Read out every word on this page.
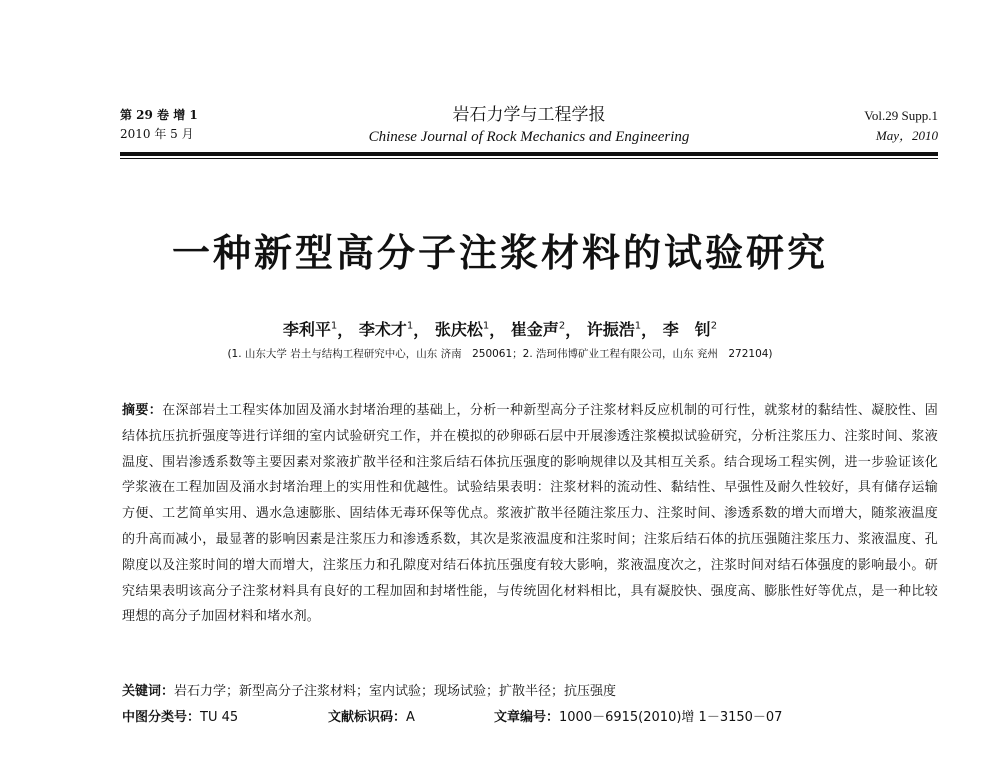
第 29 卷 增 1
2010 年 5 月
岩石力学与工程学报
Chinese Journal of Rock Mechanics and Engineering
Vol.29 Supp.1
May，2010
一种新型高分子注浆材料的试验研究
李利平$^1$， 李术才$^1$， 张庆松$^1$， 崔金声$^2$， 许振浩$^1$， 李　钊$^2$
(1. 山东大学 岩土与结构工程研究中心，山东 济南　250061；2. 浩珂伟博矿业工程有限公司，山东 兖州　272104)
摘要：在深部岩土工程实体加固及涌水封堵治理的基础上，分析一种新型高分子注浆材料反应机制的可行性，就浆材的黏结性、凝胶性、固结体抗压抗折强度等进行详细的室内试验研究工作，并在模拟的砂卵砾石层中开展渗透注浆模拟试验研究，分析注浆压力、注浆时间、浆液温度、围岩渗透系数等主要因素对浆液扩散半径和注浆后结石体抗压强度的影响规律以及其相互关系。结合现场工程实例，进一步验证该化学浆液在工程加固及涌水封堵治理上的实用性和优越性。试验结果表明：注浆材料的流动性、黏结性、早强性及耐久性较好，具有储存运输方便、工艺简单实用、遇水急速膨胀、固结体无毒环保等优点。浆液扩散半径随注浆压力、注浆时间、渗透系数的增大而增大，随浆液温度的升高而减小，最显著的影响因素是注浆压力和渗透系数，其次是浆液温度和注浆时间；注浆后结石体的抗压强随注浆压力、浆液温度、孔隙度以及注浆时间的增大而增大，注浆压力和孔隙度对结石体抗压强度有较大影响，浆液温度次之，注浆时间对结石体强度的影响最小。研究结果表明该高分子注浆材料具有良好的工程加固和封堵性能，与传统固化材料相比，具有凝胶快、强度高、膨胀性好等优点，是一种比较理想的高分子加固材料和堵水剂。
关键词：岩石力学；新型高分子注浆材料；室内试验；现场试验；扩散半径；抗压强度
中图分类号：TU 45	文献标识码：A	文章编号：1000－6915(2010)增 1－3150－07
